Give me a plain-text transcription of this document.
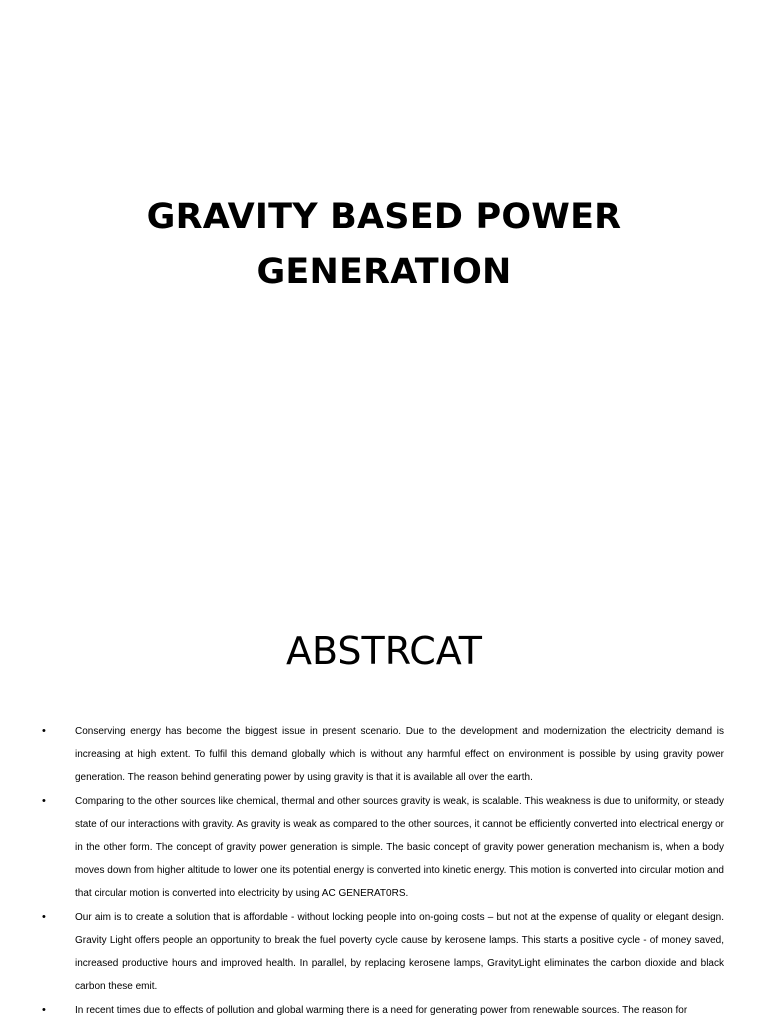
GRAVITY BASED POWER
GENERATION
ABSTRCAT
•	Conserving energy has become the biggest issue in present scenario. Due to the development and modernization the electricity demand is increasing at high extent. To fulfil this demand globally which is without any harmful effect on environment is possible by using gravity power generation. The reason behind generating power by using gravity is that it is available all over the earth.
•	Comparing to the other sources like chemical, thermal and other sources gravity is weak, is scalable. This weakness is due to uniformity, or steady state of our interactions with gravity. As gravity is weak as compared to the other sources, it cannot be efficiently converted into electrical energy or in the other form. The concept of gravity power generation is simple. The basic concept of gravity power generation mechanism is, when a body moves down from higher altitude to lower one its potential energy is converted into kinetic energy. This motion is converted into circular motion and that circular motion is converted into electricity by using AC GENERAT0RS.
•	Our aim is to create a solution that is affordable - without locking people into on-going costs – but not at the expense of quality or elegant design. Gravity Light offers people an opportunity to break the fuel poverty cycle cause by kerosene lamps. This starts a positive cycle - of money saved, increased productive hours and improved health. In parallel, by replacing kerosene lamps, GravityLight eliminates the carbon dioxide and black carbon these emit.
•	In recent times due to effects of pollution and global warming there is a need for generating power from renewable sources. The reason for
